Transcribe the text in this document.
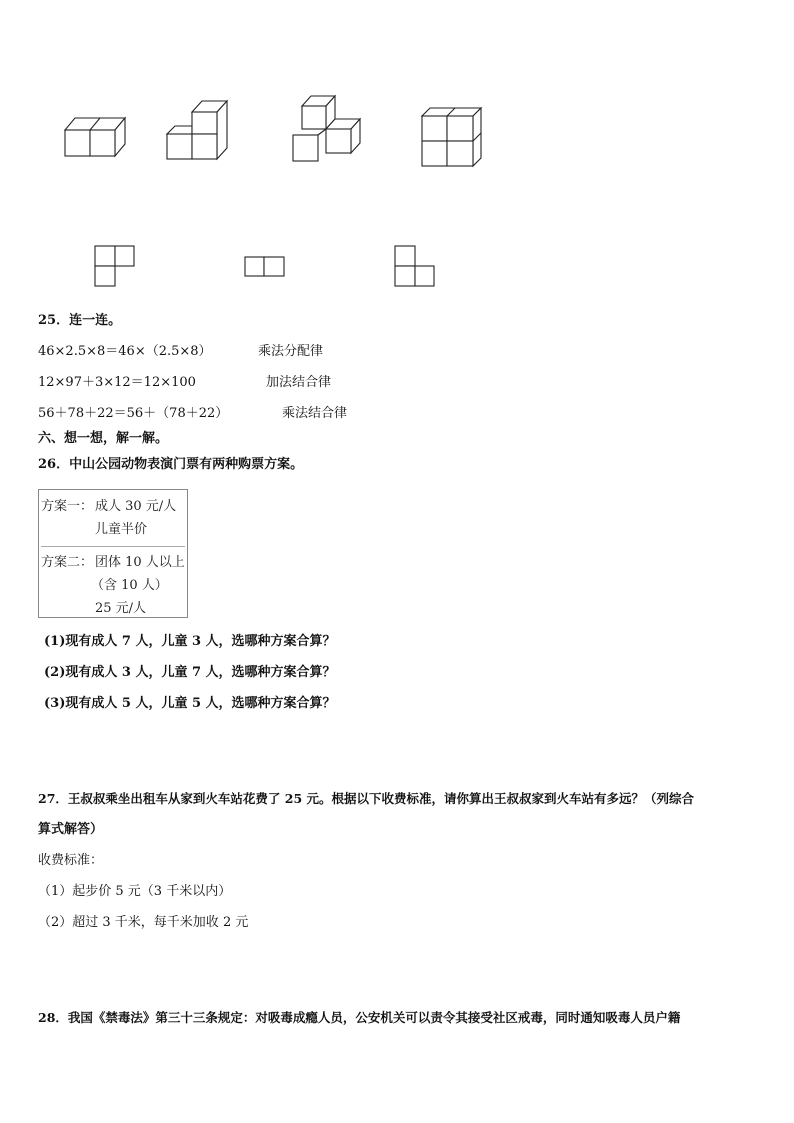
25．连一连。
46×2.5×8＝46×（2.5×8）	乘法分配律
12×97＋3×12＝12×100	加法结合律
56＋78＋22＝56＋（78＋22）	乘法结合律
六、想一想，解一解。
26．中山公园动物表演门票有两种购票方案。
方案一： 成人 30 元/人
儿童半价
方案二： 团体 10 人以上
（含 10 人）
25 元/人
(1)现有成人 7 人，儿童 3 人，选哪种方案合算？
(2)现有成人 3 人，儿童 7 人，选哪种方案合算？
(3)现有成人 5 人，儿童 5 人，选哪种方案合算？
27．王叔叔乘坐出租车从家到火车站花费了 25 元。根据以下收费标准，请你算出王叔叔家到火车站有多远？（列综合
算式解答）
收费标准：
（1）起步价 5 元（3 千米以内）
（2）超过 3 千米，每千米加收 2 元
28．我国《禁毒法》第三十三条规定：对吸毒成瘾人员，公安机关可以责令其接受社区戒毒，同时通知吸毒人员户籍
